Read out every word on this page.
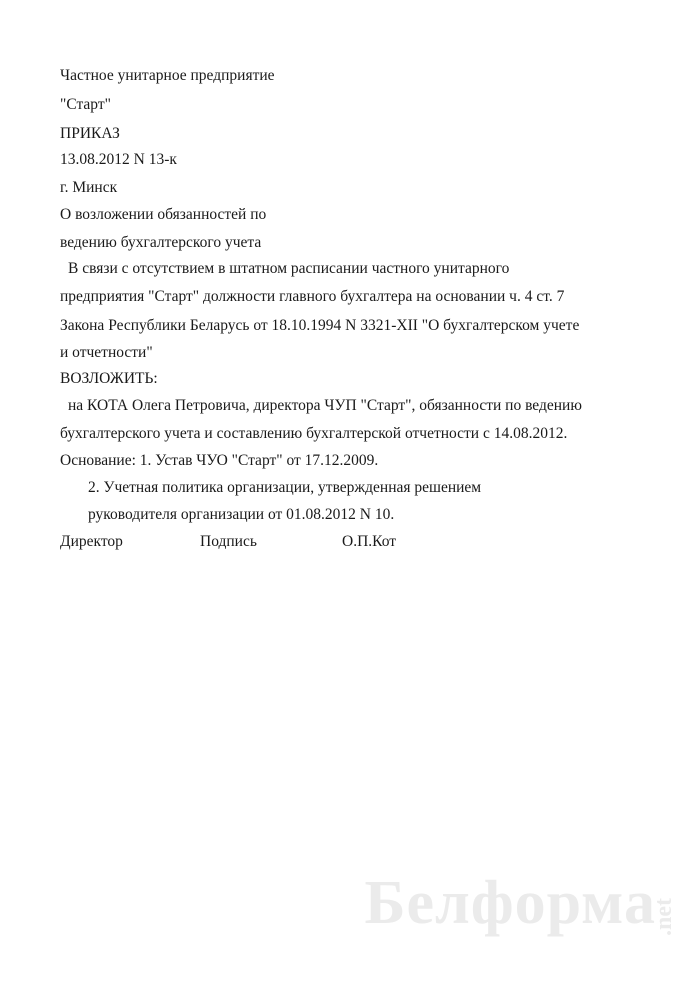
Частное унитарное предприятие
"Старт"
ПРИКАЗ
13.08.2012 N 13-к
г. Минск
О возложении обязанностей по
ведению бухгалтерского учета
В связи с отсутствием в штатном расписании частного унитарного
предприятия "Старт" должности главного бухгалтера на основании ч. 4 ст. 7
Закона Республики Беларусь от 18.10.1994 N 3321-XII "О бухгалтерском учете
и отчетности"
ВОЗЛОЖИТЬ:
на КОТА Олега Петровича, директора ЧУП "Старт", обязанности по ведению
бухгалтерского учета и составлению бухгалтерской отчетности с 14.08.2012.
Основание: 1. Устав ЧУО "Старт" от 17.12.2009.
2. Учетная политика организации, утвержденная решением
руководителя организации от 01.08.2012 N 10.
Директор	Подпись	О.П.Кот
Белформа
.net
